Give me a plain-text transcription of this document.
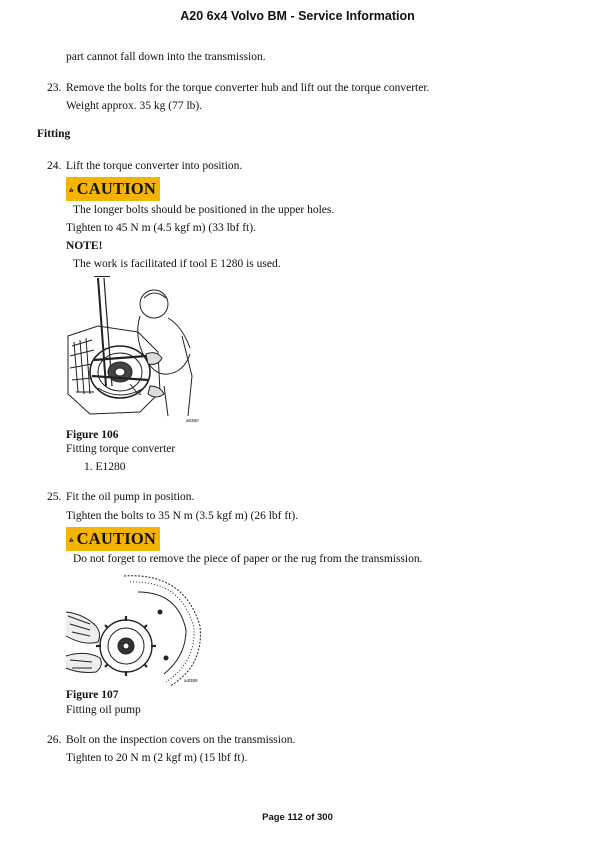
A20 6x4 Volvo BM - Service Information
part cannot fall down into the transmission.
23. Remove the bolts for the torque converter hub and lift out the torque converter.
Weight approx. 35 kg (77 lb).
Fitting
24. Lift the torque converter into position.
CAUTION
The longer bolts should be positioned in the upper holes.
Tighten to 45 N m (4.5 kgf m) (33 lbf ft).
NOTE!
The work is facilitated if tool E 1280 is used.
1
a6380
Figure 106
Fitting torque converter
1. E1280
25. Fit the oil pump in position.
Tighten the bolts to 35 N m (3.5 kgf m) (26 lbf ft).
CAUTION
Do not forget to remove the piece of paper or the rug from the transmission.
a4l389
Figure 107
Fitting oil pump
26. Bolt on the inspection covers on the transmission.
Tighten to 20 N m (2 kgf m) (15 lbf ft).
Page 112 of 300
